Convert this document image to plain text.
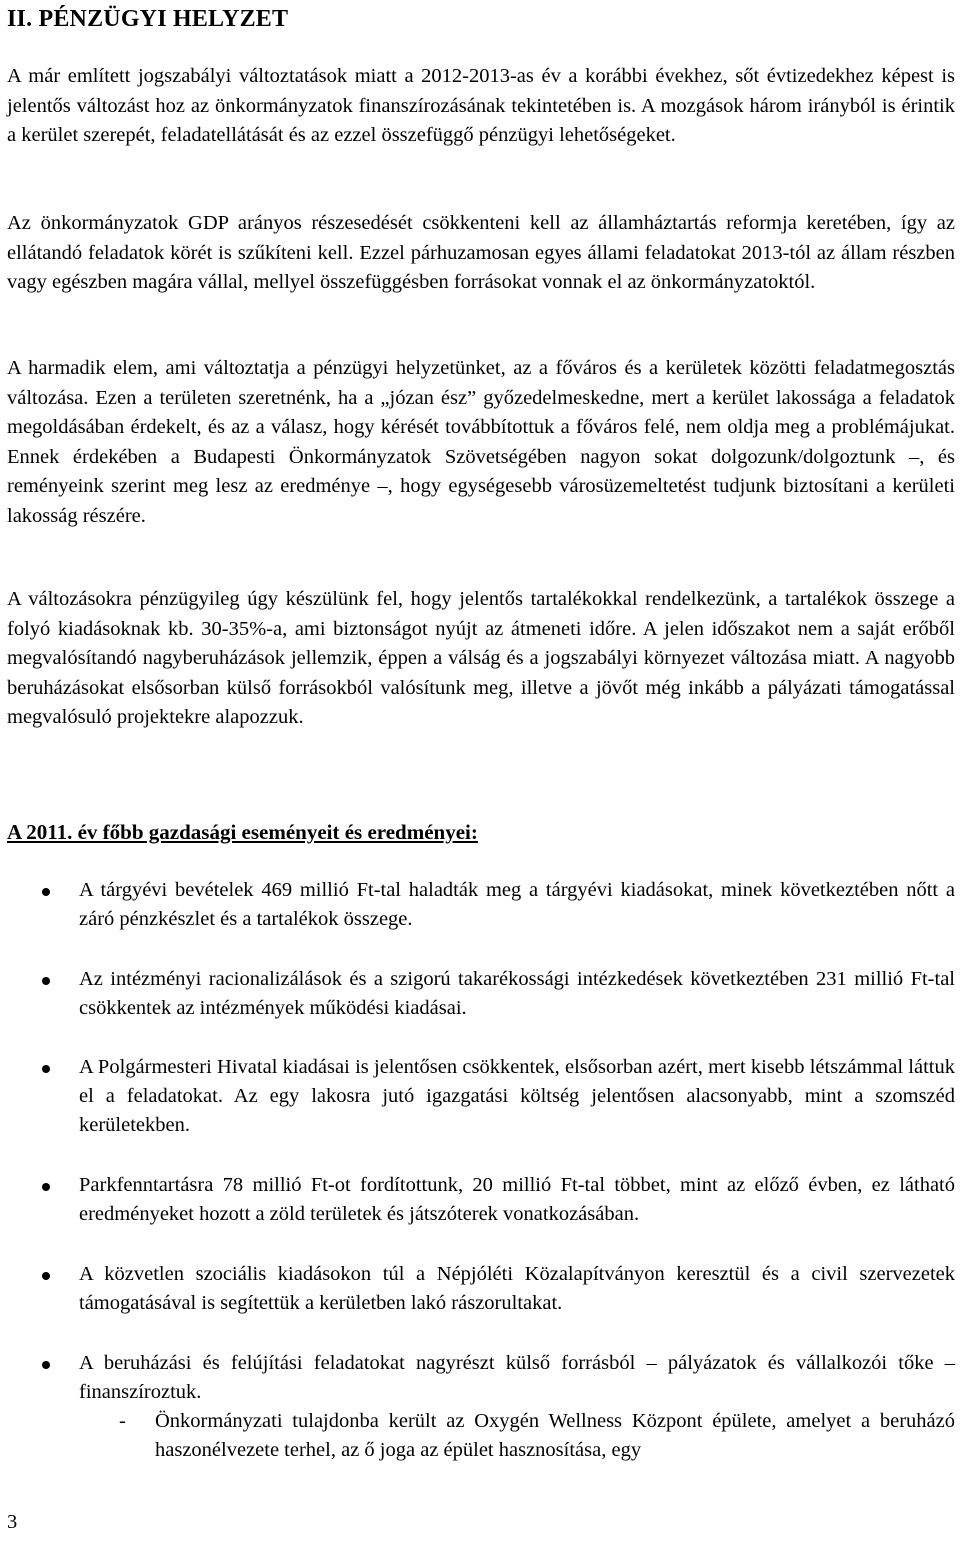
II. PÉNZÜGYI HELYZET

A már említett jogszabályi változtatások miatt a 2012-2013-as év a korábbi évekhez, sőt évtizedekhez képest is jelentős változást hoz az önkormányzatok finanszírozásának tekintetében is. A mozgások három irányból is érintik a kerület szerepét, feladatellátását és az ezzel összefüggő pénzügyi lehetőségeket.

Az önkormányzatok GDP arányos részesedését csökkenteni kell az államháztartás reformja keretében, így az ellátandó feladatok körét is szűkíteni kell. Ezzel párhuzamosan egyes állami feladatokat 2013-tól az állam részben vagy egészben magára vállal, mellyel összefüggésben forrásokat vonnak el az önkormányzatoktól.

A harmadik elem, ami változtatja a pénzügyi helyzetünket, az a főváros és a kerületek közötti feladatmegosztás változása. Ezen a területen szeretnénk, ha a „józan ész” győzedelmeskedne, mert a kerület lakossága a feladatok megoldásában érdekelt, és az a válasz, hogy kérését továbbítottuk a főváros felé, nem oldja meg a problémájukat. Ennek érdekében a Budapesti Önkormányzatok Szövetségében nagyon sokat dolgozunk/dolgoztunk –, és reményeink szerint meg lesz az eredménye –, hogy egységesebb városüzemeltetést tudjunk biztosítani a kerületi lakosság részére.

A változásokra pénzügyileg úgy készülünk fel, hogy jelentős tartalékokkal rendelkezünk, a tartalékok összege a folyó kiadásoknak kb. 30-35%-a, ami biztonságot nyújt az átmeneti időre. A jelen időszakot nem a saját erőből megvalósítandó nagyberuházások jellemzik, éppen a válság és a jogszabályi környezet változása miatt. A nagyobb beruházásokat elsősorban külső forrásokból valósítunk meg, illetve a jövőt még inkább a pályázati támogatással megvalósuló projektekre alapozzuk.

A 2011. év főbb gazdasági eseményeit és eredményei:

A tárgyévi bevételek 469 millió Ft-tal haladták meg a tárgyévi kiadásokat, minek következtében nőtt a záró pénzkészlet és a tartalékok összege.

Az intézményi racionalizálások és a szigorú takarékossági intézkedések következtében 231 millió Ft-tal csökkentek az intézmények működési kiadásai.

A Polgármesteri Hivatal kiadásai is jelentősen csökkentek, elsősorban azért, mert kisebb létszámmal láttuk el a feladatokat. Az egy lakosra jutó igazgatási költség jelentősen alacsonyabb, mint a szomszéd kerületekben.

Parkfenntartásra 78 millió Ft-ot fordítottunk, 20 millió Ft-tal többet, mint az előző évben, ez látható eredményeket hozott a zöld területek és játszóterek vonatkozásában.

A közvetlen szociális kiadásokon túl a Népjóléti Közalapítványon keresztül és a civil szervezetek támogatásával is segítettük a kerületben lakó rászorultakat.

A beruházási és felújítási feladatokat nagyrészt külső forrásból – pályázatok és vállalkozói tőke – finanszíroztuk.

- Önkormányzati tulajdonba került az Oxygén Wellness Központ épülete, amelyet a beruházó haszonélvezete terhel, az ő joga az épület hasznosítása, egy

3
